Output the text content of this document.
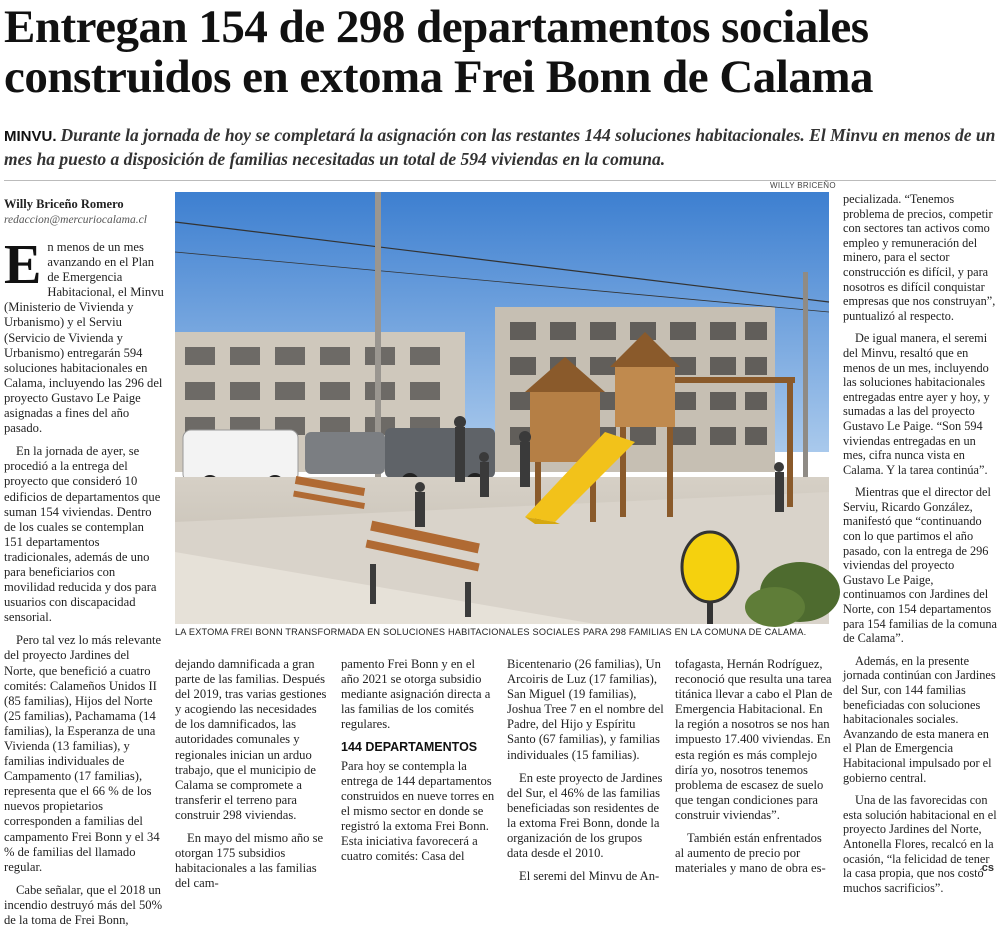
Entregan 154 de 298 departamentos sociales construidos en extoma Frei Bonn de Calama
MINVU. Durante la jornada de hoy se completará la asignación con las restantes 144 soluciones habitacionales. El Minvu en menos de un mes ha puesto a disposición de familias necesitadas un total de 594 viviendas en la comuna.
Willy Briceño Romero
redaccion@mercuriocalama.cl

En menos de un mes avanzando en el Plan de Emergencia Habitacional, el Minvu (Ministerio de Vivienda y Urbanismo) y el Serviu (Servicio de Vivienda y Urbanismo) entregarán 594 soluciones habitacionales en Calama, incluyendo las 296 del proyecto Gustavo Le Paige asignadas a fines del año pasado.

En la jornada de ayer, se procedió a la entrega del proyecto que consideró 10 edificios de departamentos que suman 154 viviendas. Dentro de los cuales se contemplan 151 departamentos tradicionales, además de uno para beneficiarios con movilidad reducida y dos para usuarios con discapacidad sensorial.

Pero tal vez lo más relevante del proyecto Jardines del Norte, que benefició a cuatro comités: Calameños Unidos II (85 familias), Hijos del Norte (25 familias), Pachamama (14 familias), la Esperanza de una Vivienda (13 familias), y familias individuales de Campamento (17 familias), representa que el 66 % de los nuevos propietarios corresponden a familias del campamento Frei Bonn y el 34 % de familias del llamado regular.

Cabe señalar, que el 2018 un incendio destruyó más del 50% de la toma de Frei Bonn,

WILLY BRICEÑO
LA EXTOMA FREI BONN TRANSFORMADA EN SOLUCIONES HABITACIONALES SOCIALES PARA 298 FAMILIAS EN LA COMUNA DE CALAMA.

dejando damnificada a gran parte de las familias. Después del 2019, tras varias gestiones y acogiendo las necesidades de los damnificados, las autoridades comunales y regionales inician un arduo trabajo, que el municipio de Calama se compromete a transferir el terreno para construir 298 viviendas.

En mayo del mismo año se otorgan 175 subsidios habitacionales a las familias del cam-

pamento Frei Bonn y en el año 2021 se otorga subsidio mediante asignación directa a las familias de los comités regulares.

144 DEPARTAMENTOS

Para hoy se contempla la entrega de 144 departamentos construidos en nueve torres en el mismo sector en donde se registró la extoma Frei Bonn. Esta iniciativa favorecerá a cuatro comités: Casa del

Bicentenario (26 familias), Un Arcoiris de Luz (17 familias), San Miguel (19 familias), Joshua Tree 7 en el nombre del Padre, del Hijo y Espíritu Santo (67 familias), y familias individuales (15 familias).

En este proyecto de Jardines del Sur, el 46% de las familias beneficiadas son residentes de la extoma Frei Bonn, donde la organización de los grupos data desde el 2010.

El seremi del Minvu de An-

tofagasta, Hernán Rodríguez, reconoció que resulta una tarea titánica llevar a cabo el Plan de Emergencia Habitacional. En la región a nosotros se nos han impuesto 17.400 viviendas. En esta región es más complejo diría yo, nosotros tenemos problema de escasez de suelo que tengan condiciones para construir viviendas”.

También están enfrentados al aumento de precio por materiales y mano de obra es-

pecializada. “Tenemos problema de precios, competir con sectores tan activos como empleo y remuneración del minero, para el sector construcción es difícil, y para nosotros es difícil conquistar empresas que nos construyan”, puntualizó al respecto.

De igual manera, el seremi del Minvu, resaltó que en menos de un mes, incluyendo las soluciones habitacionales entregadas entre ayer y hoy, y sumadas a las del proyecto Gustavo Le Paige. “Son 594 viviendas entregadas en un mes, cifra nunca vista en Calama. Y la tarea continúa”.

Mientras que el director del Serviu, Ricardo González, manifestó que “continuando con lo que partimos el año pasado, con la entrega de 296 viviendas del proyecto Gustavo Le Paige, continuamos con Jardines del Norte, con 154 departamentos para 154 familias de la comuna de Calama”.

Además, en la presente jornada continúan con Jardines del Sur, con 144 familias beneficiadas con soluciones habitacionales sociales. Avanzando de esta manera en el Plan de Emergencia Habitacional impulsado por el gobierno central.

Una de las favorecidas con esta solución habitacional en el proyecto Jardines del Norte, Antonella Flores, recalcó en la ocasión, “la felicidad de tener la casa propia, que nos costó muchos sacrificios”.

cs
